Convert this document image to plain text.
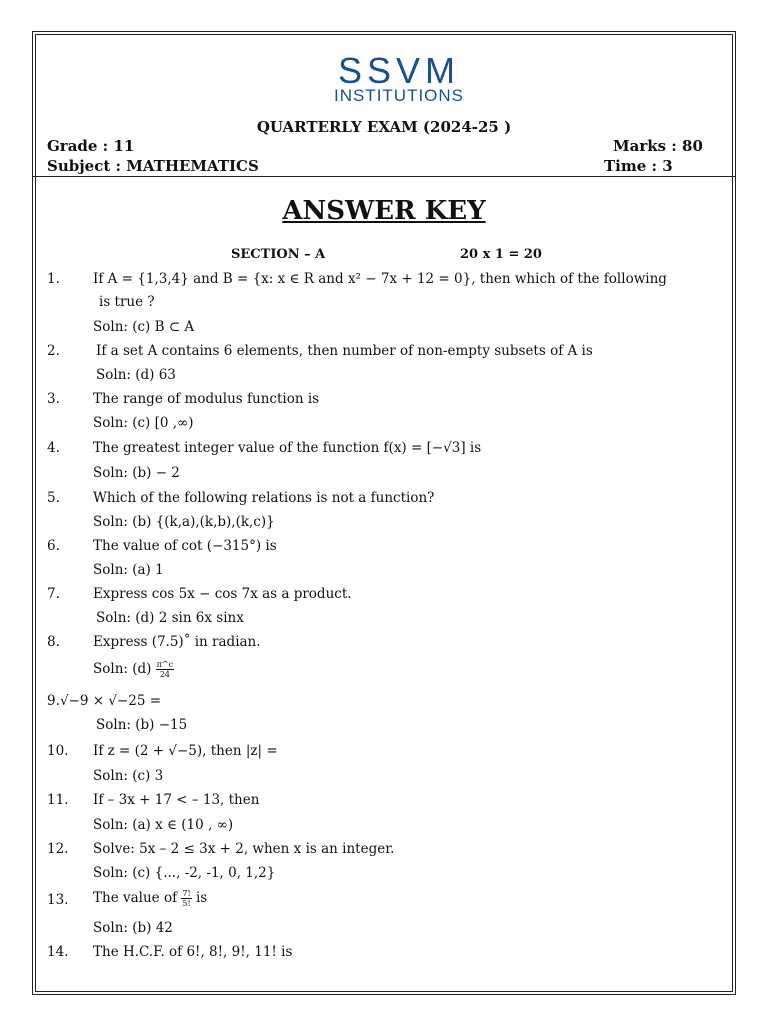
SSVM
INSTITUTIONS
QUARTERLY EXAM (2024-25 )
Grade : 11
Subject : MATHEMATICS
Marks : 80
Time : 3
ANSWER KEY
SECTION – A	20 x 1 = 20
1. If A = {1,3,4} and B = {x: x ∈ R and x² − 7x + 12 = 0}, then which of the following
is true ?
Soln: (c) B ⊂ A
2.	If a set A contains 6 elements, then number of non-empty subsets of A is
Soln: (d) 63
3. The range of modulus function is
Soln: (c) [0 ,∞)
4. The greatest integer value of the function f(x) = [−√3] is
Soln: (b) − 2
5. Which of the following relations is not a function?
Soln: (b) {(k,a),(k,b),(k,c)}
6. The value of cot (−315°) is
Soln: (a) 1
7. Express cos 5x − cos 7x as a product.
Soln: (d) 2 sin 6x sinx
8. Express (7.5)˚ in radian.
Soln: $(d) \frac{\pi\^{}c}{24}$
9. √−9 × √−25 =
Soln: (b) −15
10. If z = (2 + √−5), then |z| =
Soln: (c) 3
11. If – 3x + 17 < – 13, then
Soln: (a) x ∈ (10 , ∞)
12. Solve: 5x – 2 ≤ 3x + 2, when x is an integer.
Soln: (c) {..., -2, -1, 0, 1,2}
13. The value of $\frac{7!}{5!}$ is
Soln: (b) 42
14. The H.C.F. of 6!, 8!, 9!, 11! is
